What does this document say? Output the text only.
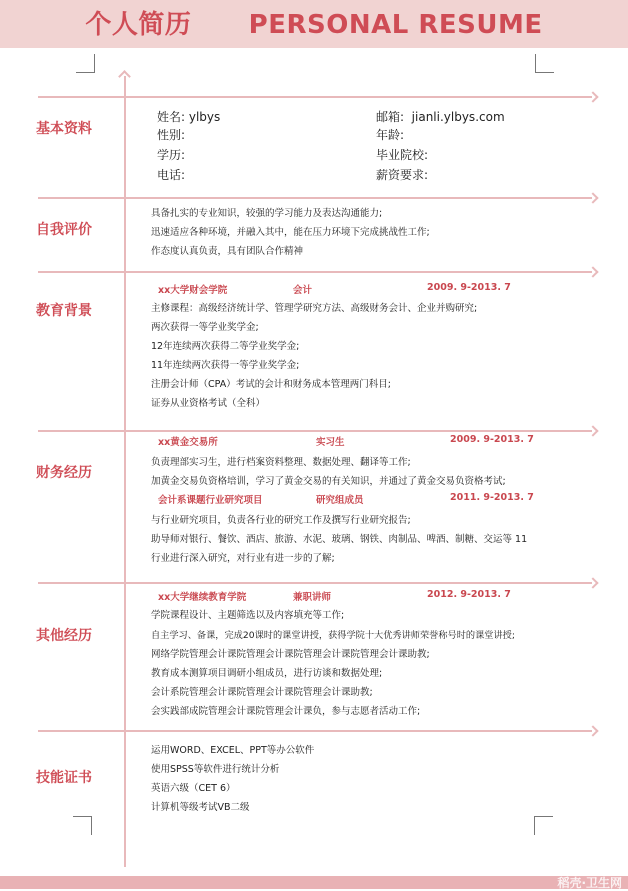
个人简历      PERSONAL RESUME
基本资料
姓名: ylbys	邮箱:  jianli.ylbys.com
性别:	年龄:
学历:	毕业院校:
电话:	薪资要求:
自我评价
具备扎实的专业知识，较强的学习能力及表达沟通能力;
迅速适应各种环境，并融入其中，能在压力环境下完成挑战性工作;
作态度认真负责，具有团队合作精神
教育背景
xx大学财会学院	会计	2009. 9-2013. 7
主修课程：高级经济统计学、管理学研究方法、高级财务会计、企业并购研究;
两次获得一等学业奖学金;
12年连续两次获得二等学业奖学金;
11年连续两次获得一等学业奖学金;
注册会计师（CPA）考试的会计和财务成本管理两门科目;
证券从业资格考试（全科）
财务经历
xx黄金交易所	实习生	2009. 9-2013. 7
负责理部实习生，进行档案资料整理、数据处理、翻译等工作;
加黄金交易负资格培训，学习了黄金交易的有关知识，并通过了黄金交易负资格考试;
会计系课题行业研究项目	研究组成员	2011. 9-2013. 7
与行业研究项目，负责各行业的研究工作及撰写行业研究报告;
助导师对银行、餐饮、酒店、旅游、水泥、玻璃、钢铁、肉制品、啤酒、制糖、交运等 11
行业进行深入研究，对行业有进一步的了解;
其他经历
xx大学继续教育学院	兼职讲师	2012. 9-2013. 7
学院课程设计、主题筛选以及内容填充等工作;
自主学习、备课，完成20课时的课堂讲授，获得学院十大优秀讲师荣誉称号时的课堂讲授;
网络学院管理会计课院管理会计课院管理会计课院管理会计课助教;
教育成本测算项目调研小组成员，进行访谈和数据处理;
会计系院管理会计课院管理会计课院管理会计课助教;
会实践部成院管理会计课院管理会计课负，参与志愿者活动工作;
技能证书
运用WORD、EXCEL、PPT等办公软件
使用SPSS等软件进行统计分析
英语六级（CET 6）
计算机等级考试VB二级
稻壳·卫生网
